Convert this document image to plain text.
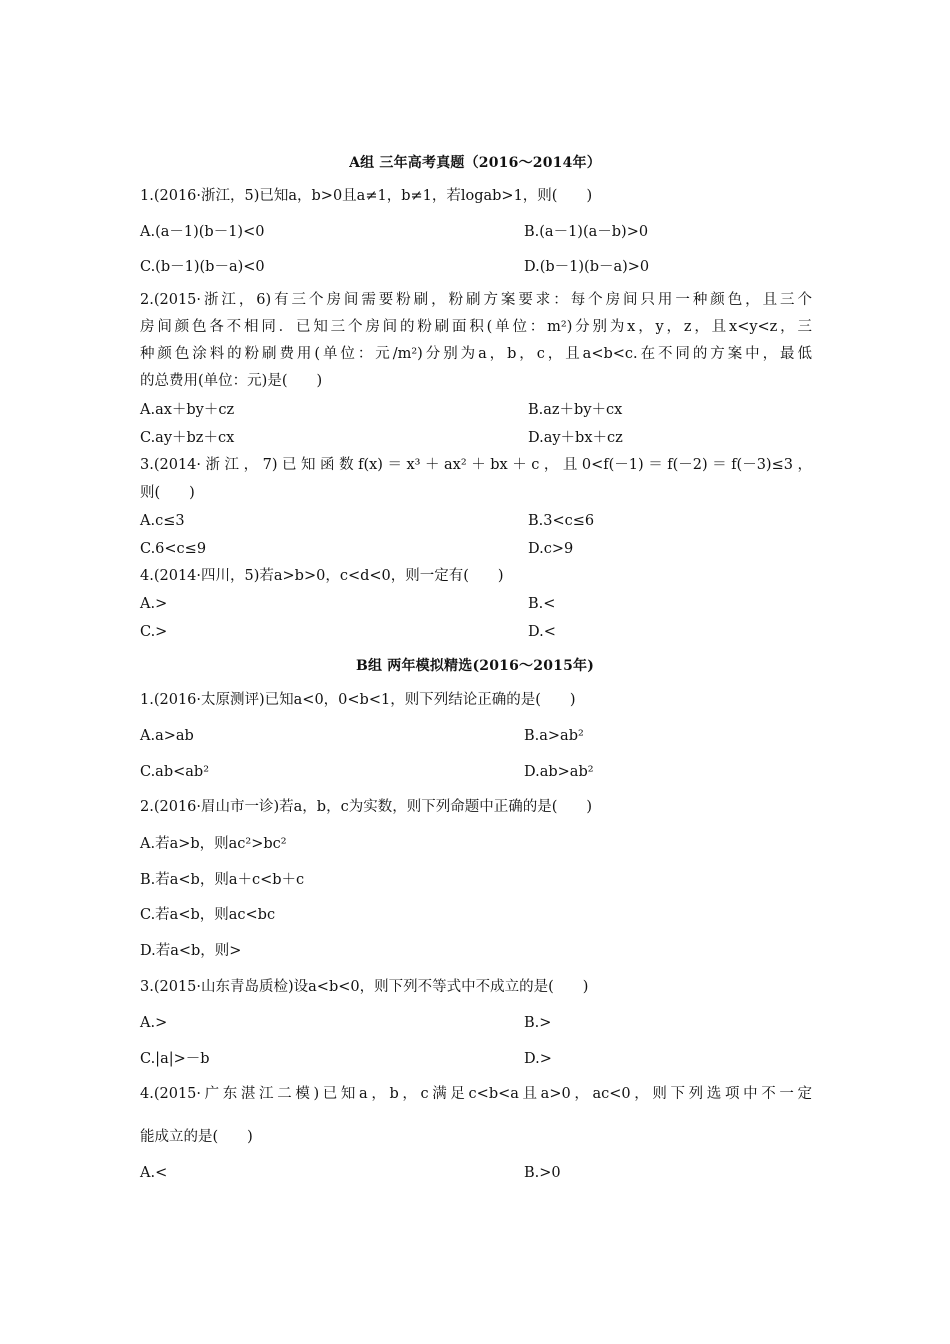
A组 三年高考真题（2016～2014年）
1.(2016·浙江，5)已知a，b>0且a≠1，b≠1，若logab>1，则(　　)
A.(a－1)(b－1)<0	B.(a－1)(a－b)>0
C.(b－1)(b－a)<0	D.(b－1)(b－a)>0
2.(2015·浙江，6)有三个房间需要粉刷，粉刷方案要求：每个房间只用一种颜色，且三个
房间颜色各不相同．已知三个房间的粉刷面积(单位：m²)分别为x，y，z，且x<y<z，三
种颜色涂料的粉刷费用(单位：元/m²)分别为a，b，c，且a<b<c.在不同的方案中，最低
的总费用(单位：元)是(　　)
A.ax＋by＋cz	B.az＋by＋cx
C.ay＋bz＋cx	D.ay＋bx＋cz
3.(2014·浙江，7)已知函数f(x)＝x³＋ax²＋bx＋c，且0<f(－1)＝f(－2)＝f(－3)≤3，
则(　　)
A.c≤3	B.3<c≤6
C.6<c≤9	D.c>9
4.(2014·四川，5)若a>b>0，c<d<0，则一定有(　　)
A.>	B.<
C.>	D.<
B组 两年模拟精选(2016～2015年)
1.(2016·太原测评)已知a<0，0<b<1，则下列结论正确的是(　　)
A.a>ab	B.a>ab²
C.ab<ab²	D.ab>ab²
2.(2016·眉山市一诊)若a，b，c为实数，则下列命题中正确的是(　　)
A.若a>b，则ac²>bc²
B.若a<b，则a＋c<b＋c
C.若a<b，则ac<bc
D.若a<b，则>
3.(2015·山东青岛质检)设a<b<0，则下列不等式中不成立的是(　　)
A.>	B.>
C.|a|>－b	D.>
4.(2015·广东湛江二模)已知a，b，c满足c<b<a且a>0，ac<0，则下列选项中不一定
能成立的是(　　)
A.<	B.>0
